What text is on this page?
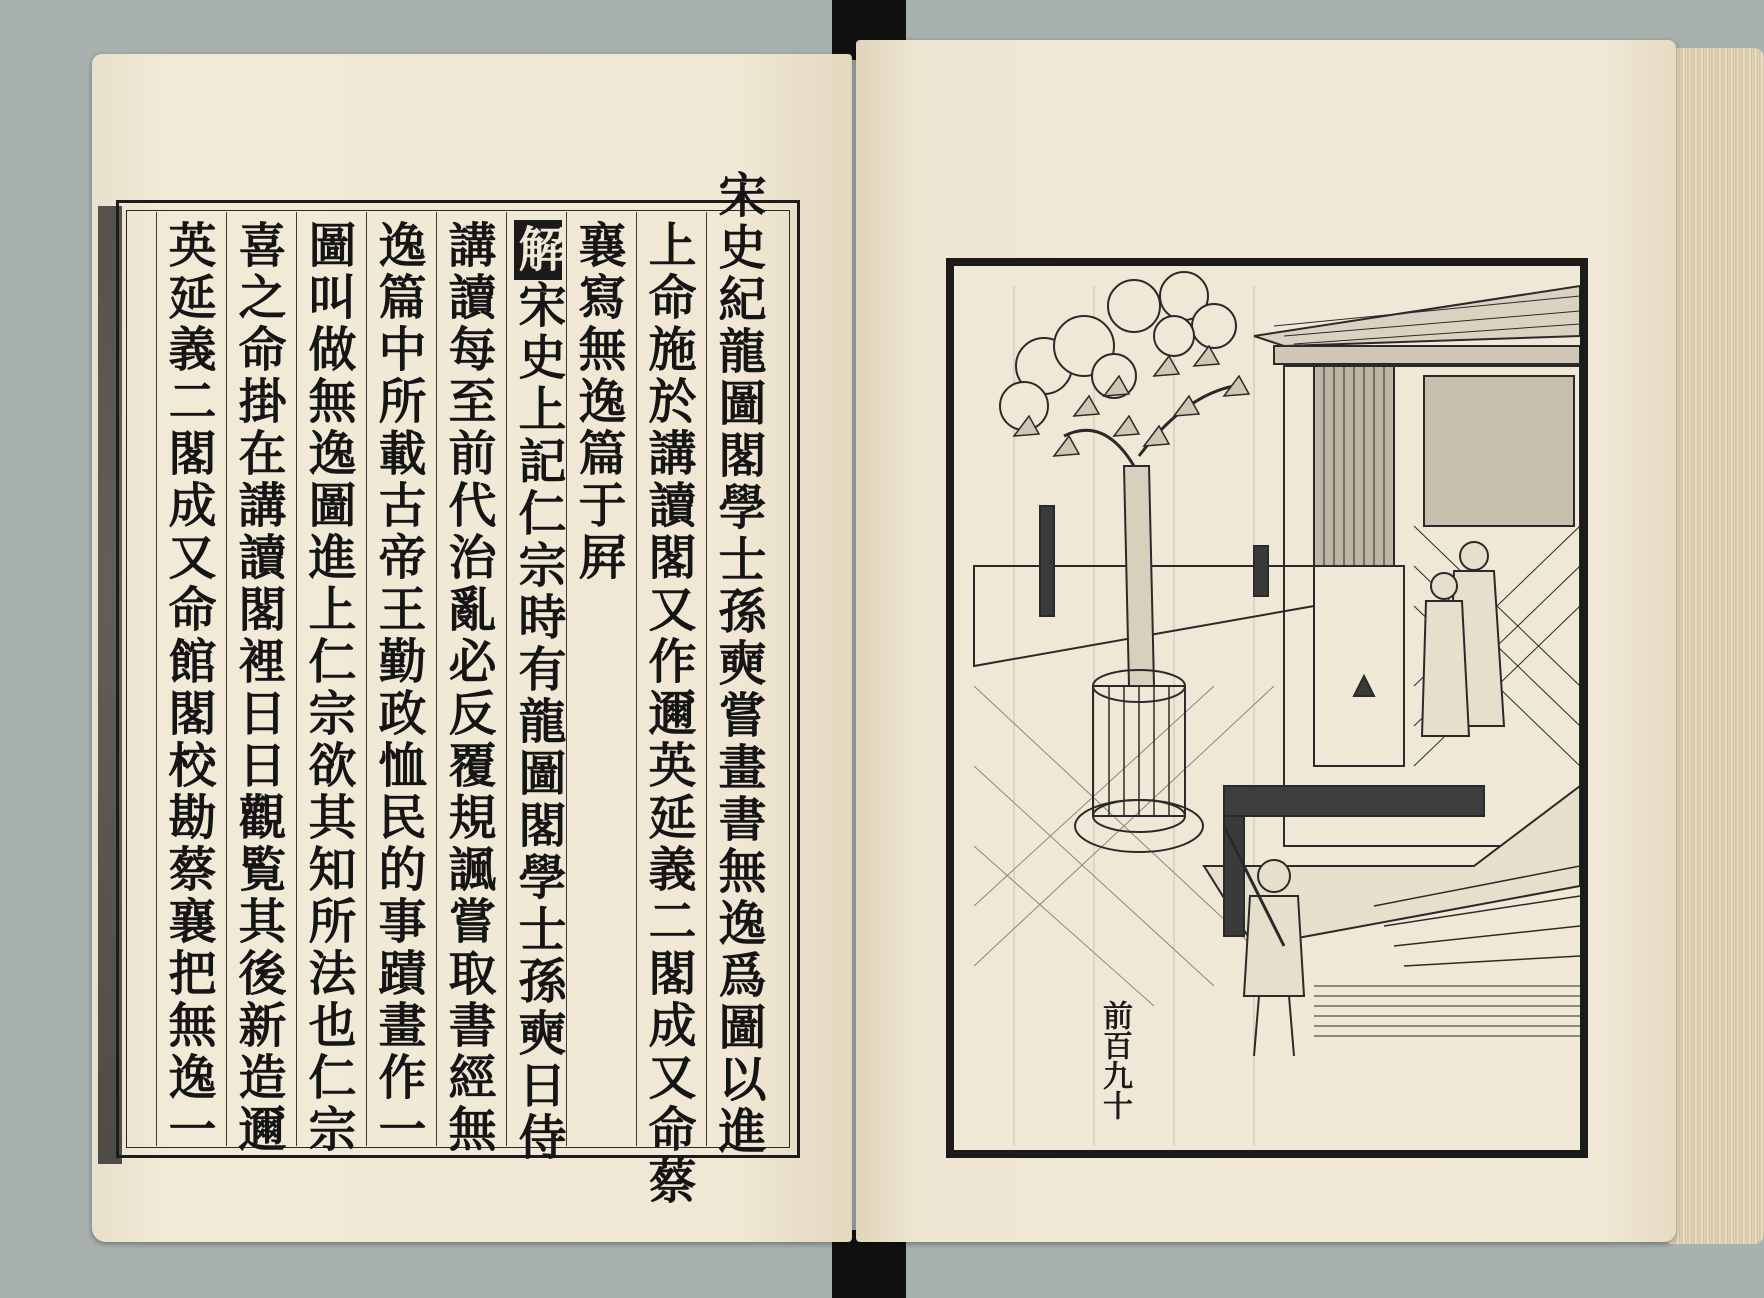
宋史紀龍圖閣學士孫奭嘗畫書無逸爲圖以進
上命施於講讀閣又作邇英延義二閣成又命蔡
襄寫無逸篇于屛
解宋史上記仁宗時有龍圖閣學士孫奭日侍
講讀每至前代治亂必反覆規諷嘗取書經無
逸篇中所載古帝王勤政恤民的事蹟畫作一
圖叫做無逸圖進上仁宗欲其知所法也仁宗
喜之命掛在講讀閣裡日日觀覧其後新造邇
英延義二閣成又命館閣校勘蔡襄把無逸一	前百九十
